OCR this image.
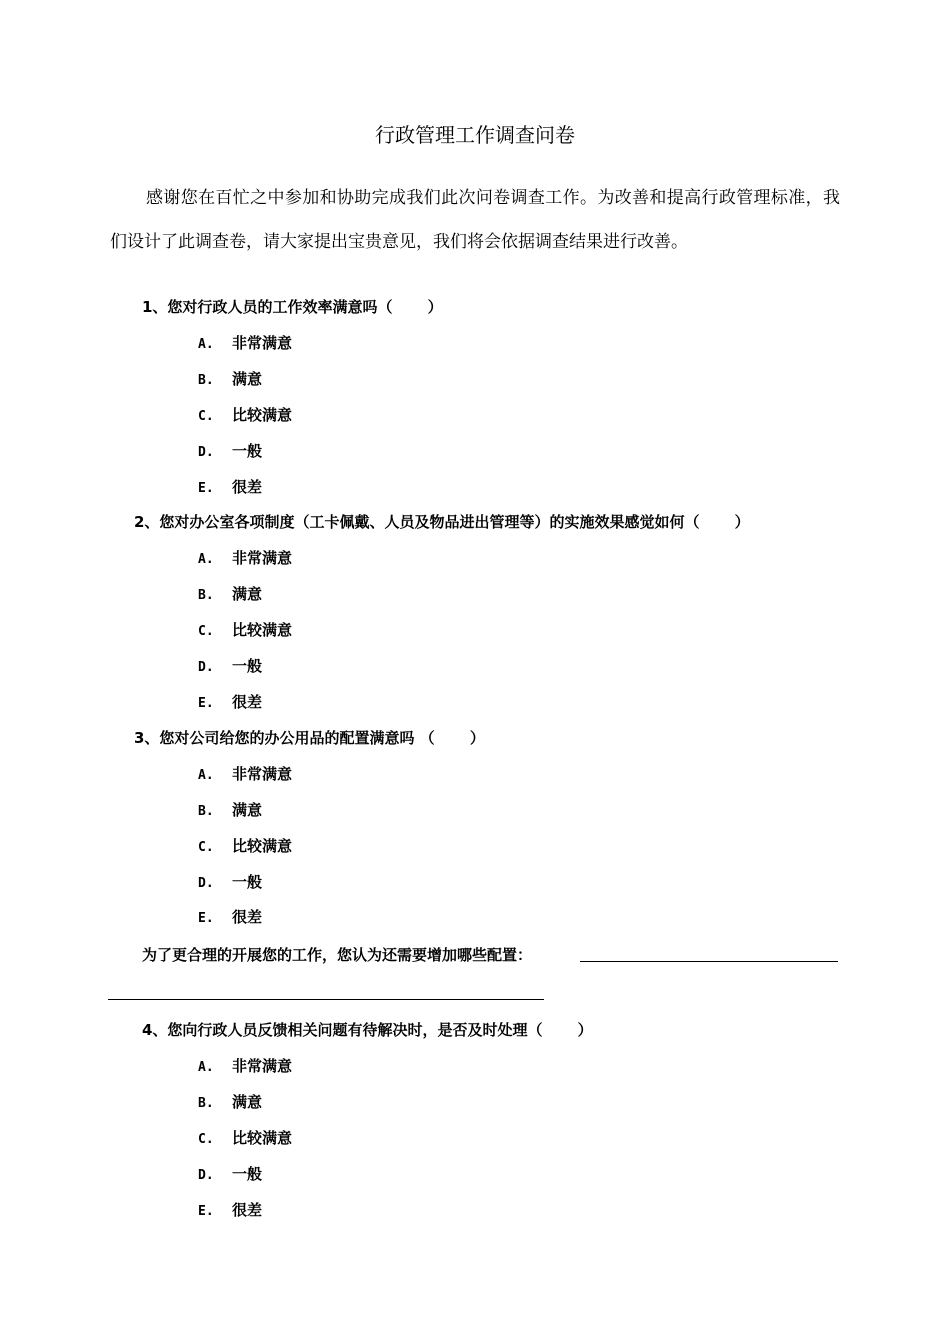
行政管理工作调查问卷
感谢您在百忙之中参加和协助完成我们此次问卷调查工作。为改善和提高行政管理标准，我们设计了此调查卷，请大家提出宝贵意见，我们将会依据调查结果进行改善。
1、您对行政人员的工作效率满意吗（　　 ）
A. 非常满意
B. 满意
C. 比较满意
D. 一般
E. 很差
2、您对办公室各项制度（工卡佩戴、人员及物品进出管理等）的实施效果感觉如何（　　 ）
A. 非常满意
B. 满意
C. 比较满意
D. 一般
E. 很差
3、您对公司给您的办公用品的配置满意吗 （　　 ）
A. 非常满意
B. 满意
C. 比较满意
D. 一般
E. 很差
为了更合理的开展您的工作，您认为还需要增加哪些配置：
4、您向行政人员反馈相关问题有待解决时，是否及时处理（　　 ）
A. 非常满意
B. 满意
C. 比较满意
D. 一般
E. 很差
